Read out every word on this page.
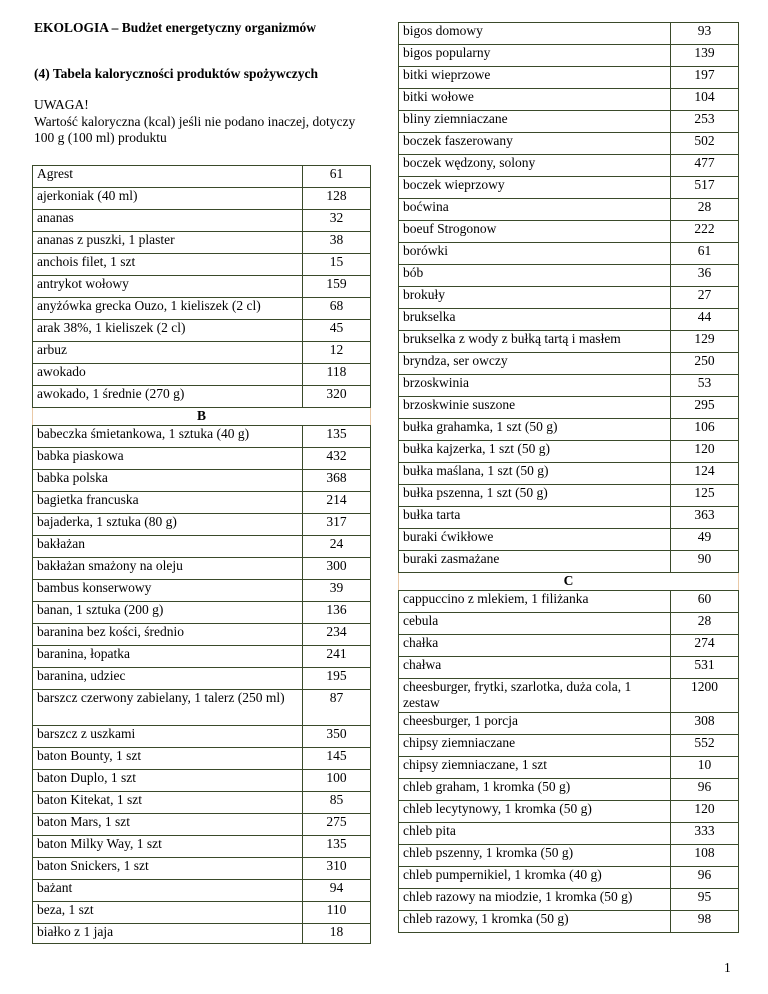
EKOLOGIA – Budżet energetyczny organizmów
(4) Tabela kaloryczności produktów spożywczych
UWAGA!
Wartość kaloryczna (kcal) jeśli nie podano inaczej, dotyczy 100 g (100 ml) produktu
Agrest	61
ajerkoniak (40 ml)	128
ananas	32
ananas z puszki, 1 plaster	38
anchois filet, 1 szt	15
antrykot wołowy	159
anyżówka grecka Ouzo, 1 kieliszek (2 cl)	68
arak 38%, 1 kieliszek (2 cl)	45
arbuz	12
awokado	118
awokado, 1 średnie (270 g)	320
B	
babeczka śmietankowa, 1 sztuka (40 g)	135
babka piaskowa	432
babka polska	368
bagietka francuska	214
bajaderka, 1 sztuka (80 g)	317
bakłażan	24
bakłażan smażony na oleju	300
bambus konserwowy	39
banan, 1 sztuka (200 g)	136
baranina bez kości, średnio	234
baranina, łopatka	241
baranina, udziec	195
barszcz czerwony zabielany, 1 talerz (250 ml)	87
barszcz z uszkami	350
baton Bounty, 1 szt	145
baton Duplo, 1 szt	100
baton Kitekat, 1 szt	85
baton Mars, 1 szt	275
baton Milky Way, 1 szt	135
baton Snickers, 1 szt	310
bażant	94
beza, 1 szt	110
białko z 1 jaja	18
bigos domowy	93
bigos popularny	139
bitki wieprzowe	197
bitki wołowe	104
bliny ziemniaczane	253
boczek faszerowany	502
boczek wędzony, solony	477
boczek wieprzowy	517
boćwina	28
boeuf Strogonow	222
borówki	61
bób	36
brokuły	27
brukselka	44
brukselka z wody z bułką tartą i masłem	129
bryndza, ser owczy	250
brzoskwinia	53
brzoskwinie suszone	295
bułka grahamka, 1 szt (50 g)	106
bułka kajzerka, 1 szt (50 g)	120
bułka maślana, 1 szt (50 g)	124
bułka pszenna, 1 szt (50 g)	125
bułka tarta	363
buraki ćwikłowe	49
buraki zasmażane	90
C	
cappuccino z mlekiem, 1 filiżanka	60
cebula	28
chałka	274
chałwa	531
cheesburger, frytki, szarlotka, duża cola, 1 zestaw	1200
cheesburger, 1 porcja	308
chipsy ziemniaczane	552
chipsy ziemniaczane, 1 szt	10
chleb graham, 1 kromka (50 g)	96
chleb lecytynowy, 1 kromka (50 g)	120
chleb pita	333
chleb pszenny, 1 kromka (50 g)	108
chleb pumpernikiel, 1 kromka (40 g)	96
chleb razowy na miodzie, 1 kromka (50 g)	95
chleb razowy, 1 kromka (50 g)	98
1
